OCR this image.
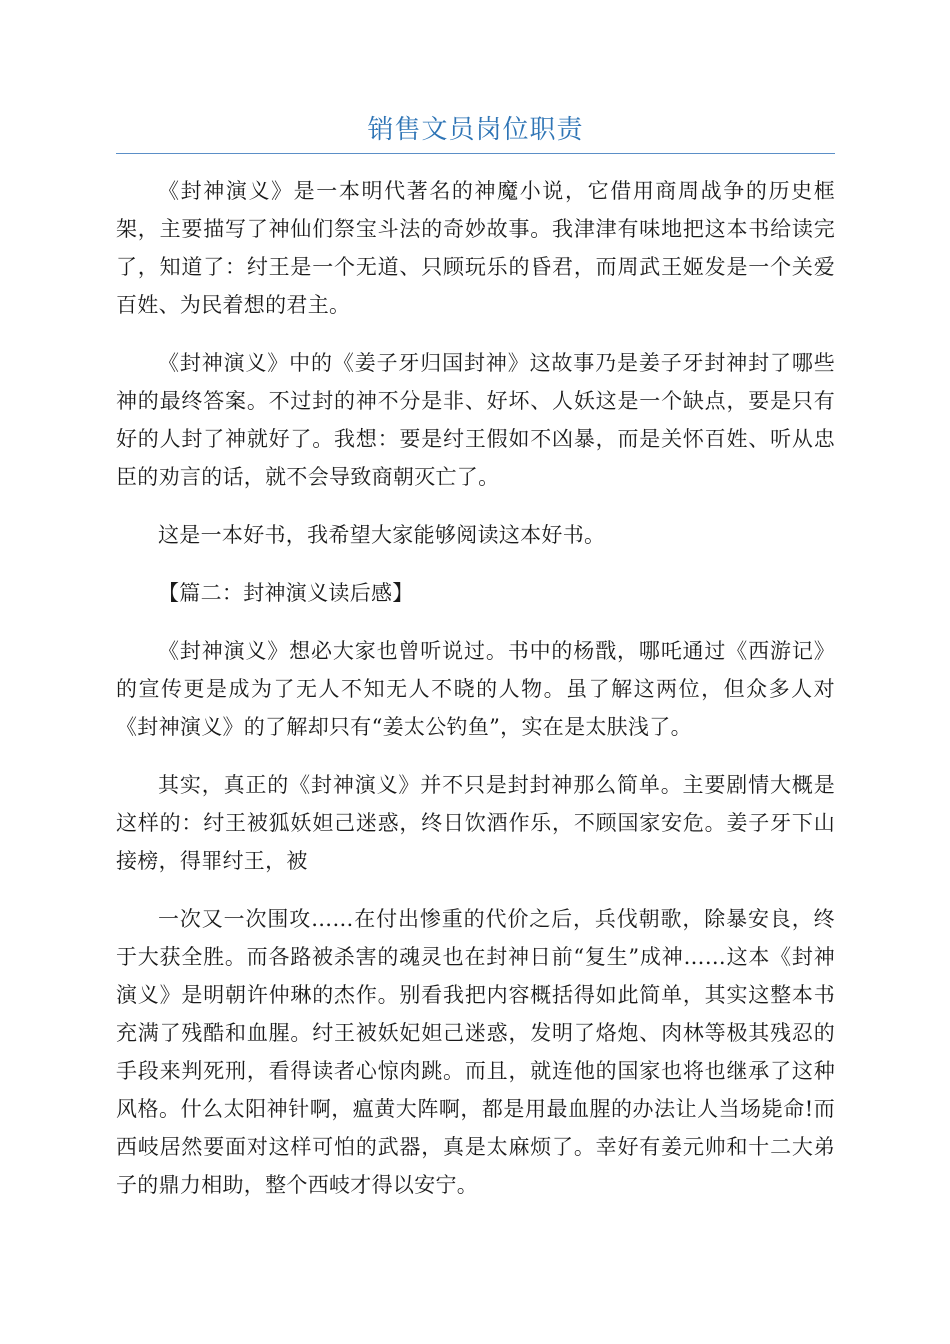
销售文员岗位职责

《封神演义》是一本明代著名的神魔小说，它借用商周战争的历史框架，主要描写了神仙们祭宝斗法的奇妙故事。我津津有味地把这本书给读完了，知道了：纣王是一个无道、只顾玩乐的昏君，而周武王姬发是一个关爱百姓、为民着想的君主。

《封神演义》中的《姜子牙归国封神》这故事乃是姜子牙封神封了哪些神的最终答案。不过封的神不分是非、好坏、人妖这是一个缺点，要是只有好的人封了神就好了。我想：要是纣王假如不凶暴，而是关怀百姓、听从忠臣的劝言的话，就不会导致商朝灭亡了。

这是一本好书，我希望大家能够阅读这本好书。

【篇二：封神演义读后感】

《封神演义》想必大家也曾听说过。书中的杨戬，哪吒通过《西游记》的宣传更是成为了无人不知无人不晓的人物。虽了解这两位，但众多人对《封神演义》的了解却只有“姜太公钓鱼”，实在是太肤浅了。

其实，真正的《封神演义》并不只是封封神那么简单。主要剧情大概是这样的：纣王被狐妖妲己迷惑，终日饮酒作乐，不顾国家安危。姜子牙下山接榜，得罪纣王，被

一次又一次围攻……在付出惨重的代价之后，兵伐朝歌，除暴安良，终于大获全胜。而各路被杀害的魂灵也在封神日前“复生”成神……这本《封神演义》是明朝许仲琳的杰作。别看我把内容概括得如此简单，其实这整本书充满了残酷和血腥。纣王被妖妃妲己迷惑，发明了烙炮、肉林等极其残忍的手段来判死刑，看得读者心惊肉跳。而且，就连他的国家也将也继承了这种风格。什么太阳神针啊，瘟黄大阵啊，都是用最血腥的办法让人当场毙命!而西岐居然要面对这样可怕的武器，真是太麻烦了。幸好有姜元帅和十二大弟子的鼎力相助，整个西岐才得以安宁。
